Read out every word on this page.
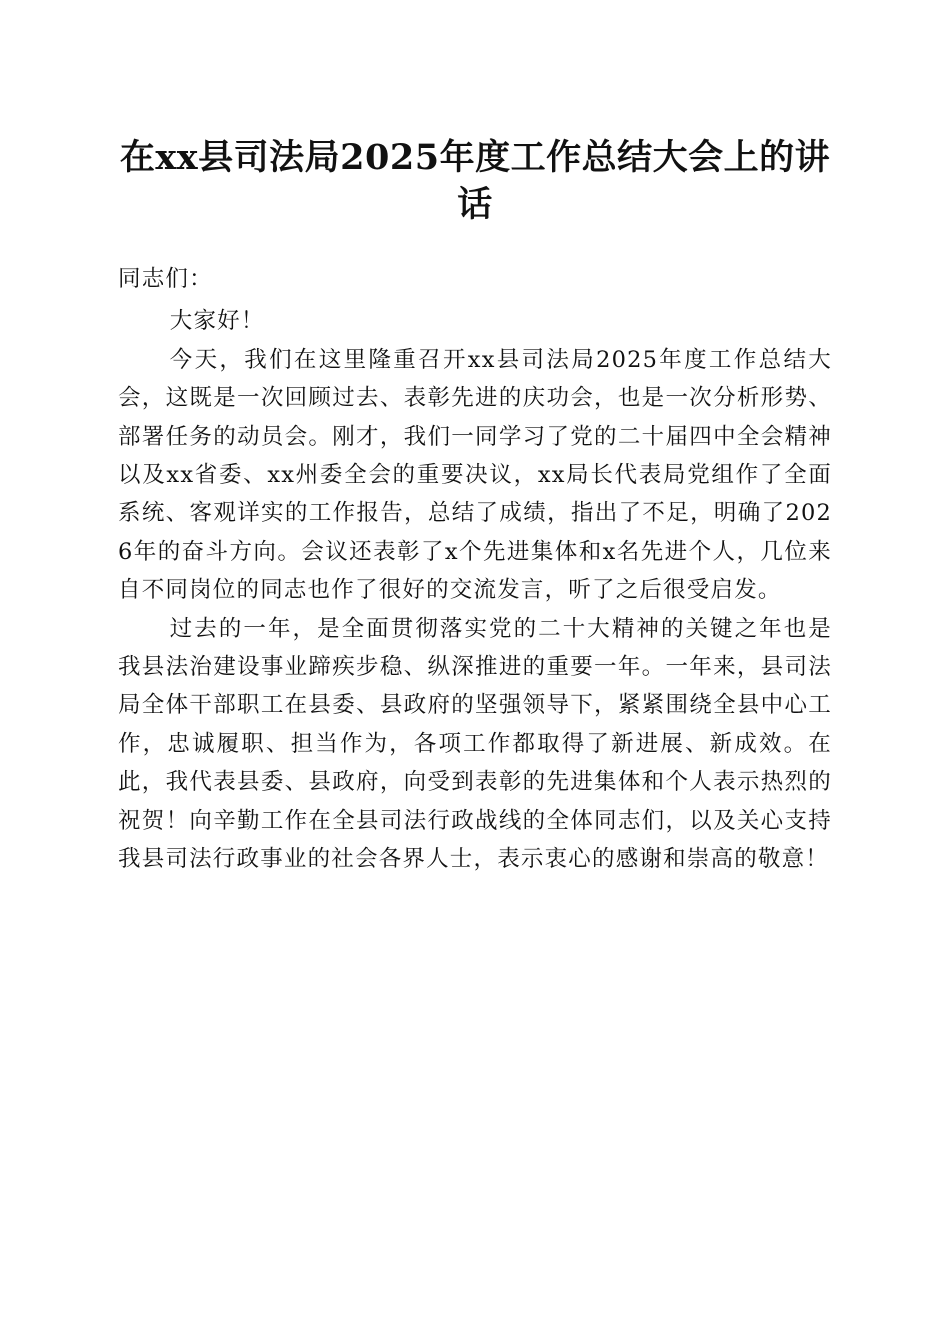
在xx县司法局2025年度工作总结大会上的讲话

同志们：

大家好！

今天，我们在这里隆重召开xx县司法局2025年度工作总结大会，这既是一次回顾过去、表彰先进的庆功会，也是一次分析形势、部署任务的动员会。刚才，我们一同学习了党的二十届四中全会精神以及xx省委、xx州委全会的重要决议，xx局长代表局党组作了全面系统、客观详实的工作报告，总结了成绩，指出了不足，明确了2026年的奋斗方向。会议还表彰了x个先进集体和x名先进个人，几位来自不同岗位的同志也作了很好的交流发言，听了之后很受启发。

过去的一年，是全面贯彻落实党的二十大精神的关键之年也是我县法治建设事业蹄疾步稳、纵深推进的重要一年。一年来，县司法局全体干部职工在县委、县政府的坚强领导下，紧紧围绕全县中心工作，忠诚履职、担当作为，各项工作都取得了新进展、新成效。在此，我代表县委、县政府，向受到表彰的先进集体和个人表示热烈的祝贺！向辛勤工作在全县司法行政战线的全体同志们，以及关心支持我县司法行政事业的社会各界人士，表示衷心的感谢和崇高的敬意！
